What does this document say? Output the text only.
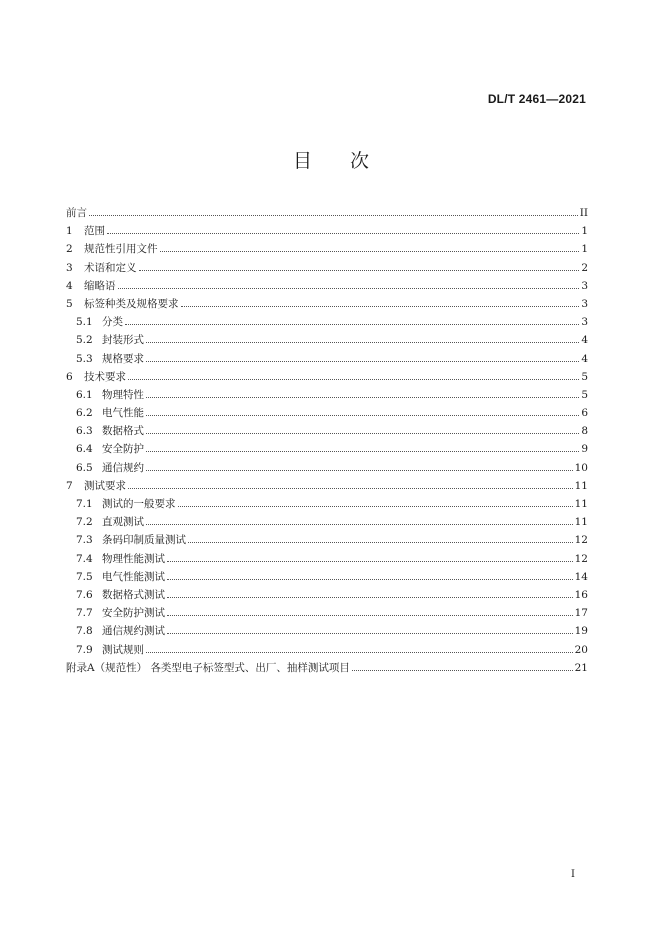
DL/T 2461—2021
目次
前言	II
1	范围	1
2	规范性引用文件	1
3	术语和定义	2
4	缩略语	3
5	标签种类及规格要求	3
5.1 分类	3
5.2 封装形式	4
5.3 规格要求	4
6	技术要求	5
6.1 物理特性	5
6.2 电气性能	6
6.3 数据格式	8
6.4 安全防护	9
6.5 通信规约	10
7	测试要求	11
7.1 测试的一般要求	11
7.2 直观测试	11
7.3 条码印制质量测试	12
7.4 物理性能测试	12
7.5 电气性能测试	14
7.6 数据格式测试	16
7.7 安全防护测试	17
7.8 通信规约测试	19
7.9 测试规则	20
附录A（规范性） 各类型电子标签型式、出厂、抽样测试项目	21
I
